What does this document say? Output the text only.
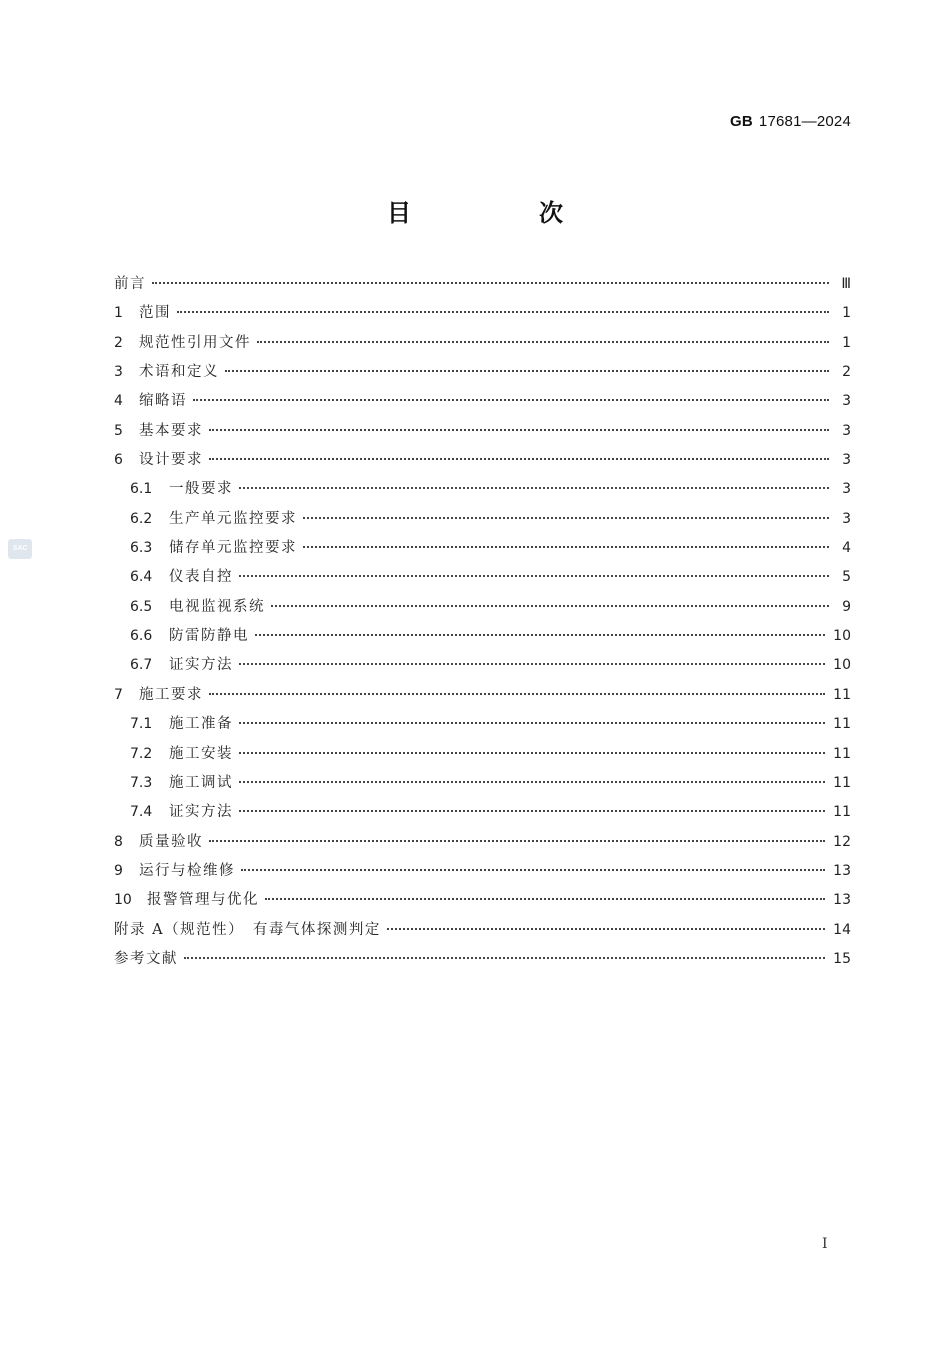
GB 17681—2024
SAC
目　次
前言	Ⅲ
1	范围	1
2	规范性引用文件	1
3	术语和定义	2
4	缩略语	3
5	基本要求	3
6	设计要求	3
6.1	一般要求	3
6.2	生产单元监控要求	3
6.3	储存单元监控要求	4
6.4	仪表自控	5
6.5	电视监视系统	9
6.6	防雷防静电	10
6.7	证实方法	10
7	施工要求	11
7.1	施工准备	11
7.2	施工安装	11
7.3	施工调试	11
7.4	证实方法	11
8	质量验收	12
9	运行与检维修	13
10	报警管理与优化	13
附录 A（规范性）　有毒气体探测判定	14
参考文献	15
I
